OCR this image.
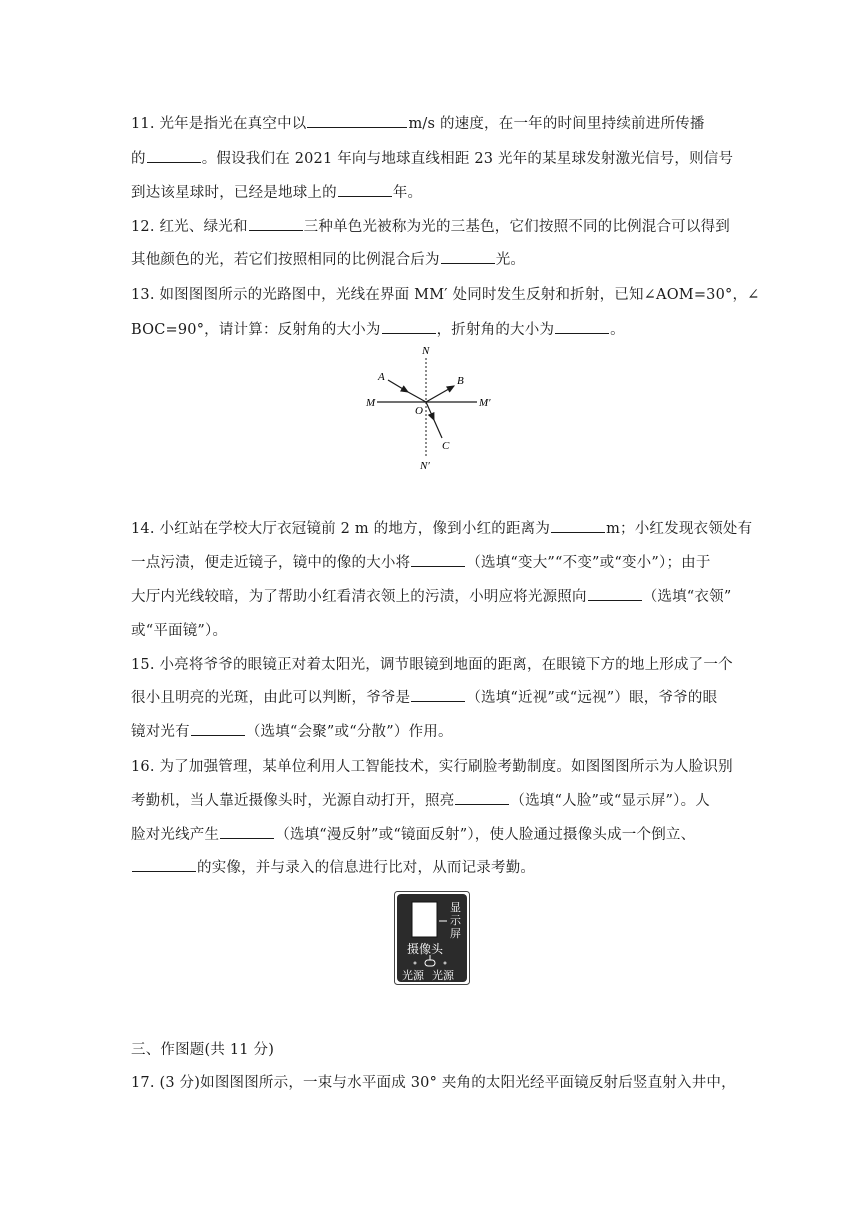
11. 光年是指光在真空中以	m/s 的速度，在一年的时间里持续前进所传播
的	。假设我们在 2021 年向与地球直线相距 23 光年的某星球发射激光信号，则信号
到达该星球时，已经是地球上的	年。
12. 红光、绿光和	三种单色光被称为光的三基色，它们按照不同的比例混合可以得到
其他颜色的光，若它们按照相同的比例混合后为	光。
13. 如图图图所示的光路图中，光线在界面 MM′ 处同时发生反射和折射，已知∠AOM=30°，∠
BOC=90°，请计算：反射角的大小为	，折射角的大小为	。
N
N′
M	M′
A	B
C
O
14. 小红站在学校大厅衣冠镜前 2 m 的地方，像到小红的距离为	m；小红发现衣领处有
一点污渍，便走近镜子，镜中的像的大小将	（选填“变大”“不变”或“变小”）；由于
大厅内光线较暗，为了帮助小红看清衣领上的污渍，小明应将光源照向	（选填“衣领”
或“平面镜”）。
15. 小亮将爷爷的眼镜正对着太阳光，调节眼镜到地面的距离，在眼镜下方的地上形成了一个
很小且明亮的光斑，由此可以判断，爷爷是	（选填“近视”或“远视”）眼，爷爷的眼
镜对光有	（选填“会聚”或“分散”）作用。
16. 为了加强管理，某单位利用人工智能技术，实行刷脸考勤制度。如图图图所示为人脸识别
考勤机，当人靠近摄像头时，光源自动打开，照亮	（选填“人脸”或“显示屏”）。人
脸对光线产生	（选填“漫反射”或“镜面反射”），使人脸通过摄像头成一个倒立、
的实像，并与录入的信息进行比对，从而记录考勤。
显
示
屏
摄像头
光源 光源
三、作图题(共 11 分)
17. (3 分)如图图图所示，一束与水平面成 30° 夹角的太阳光经平面镜反射后竖直射入井中，
